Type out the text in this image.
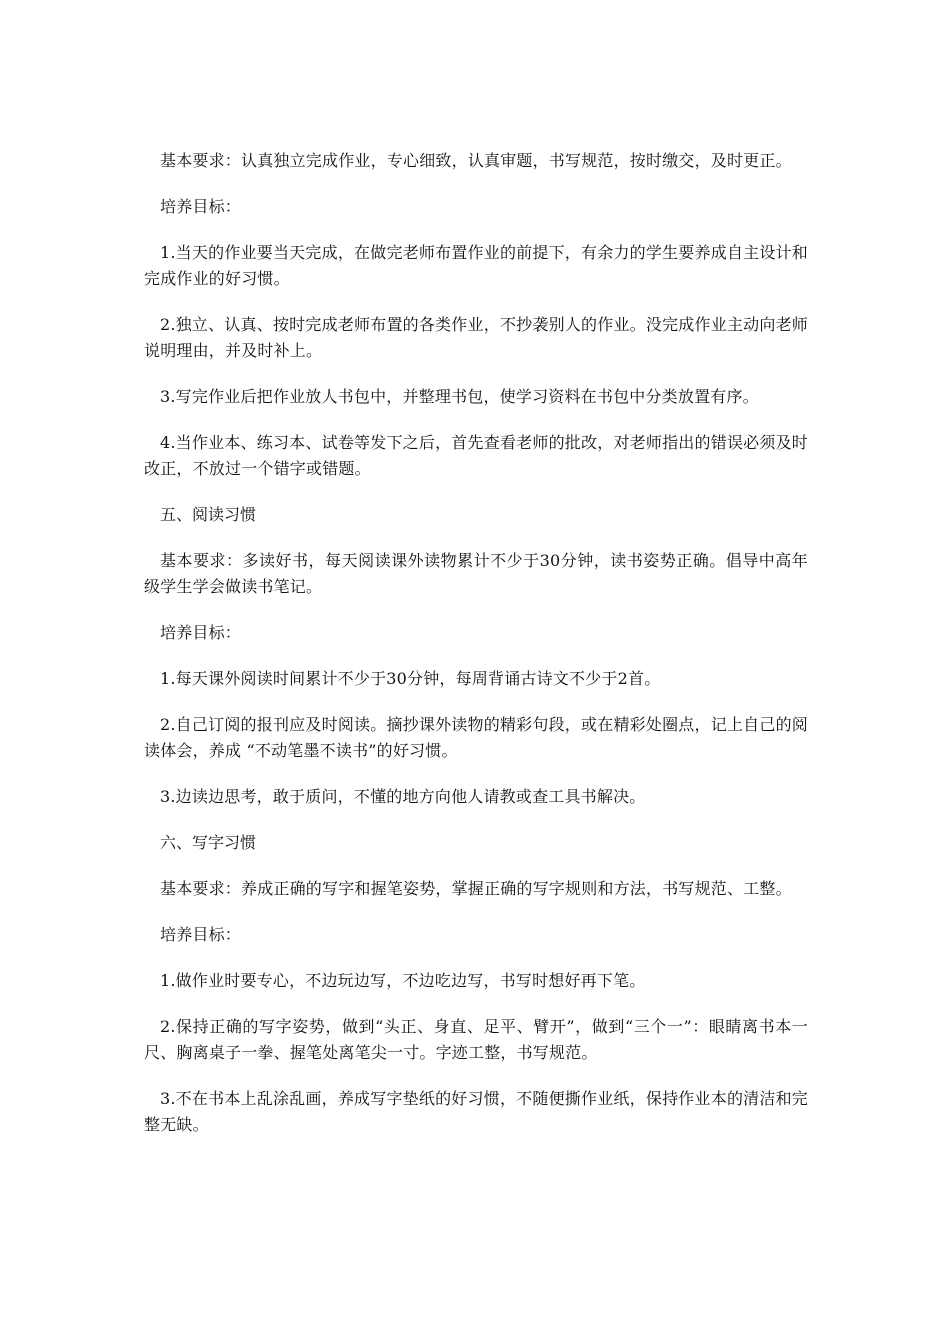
基本要求：认真独立完成作业，专心细致，认真审题，书写规范，按时缴交，及时更正。

培养目标：

1.当天的作业要当天完成，在做完老师布置作业的前提下，有余力的学生要养成自主设计和完成作业的好习惯。

2.独立、认真、按时完成老师布置的各类作业，不抄袭别人的作业。没完成作业主动向老师说明理由，并及时补上。

3.写完作业后把作业放人书包中，并整理书包，使学习资料在书包中分类放置有序。

4.当作业本、练习本、试卷等发下之后，首先查看老师的批改，对老师指出的错误必须及时改正，不放过一个错字或错题。

五、阅读习惯

基本要求：多读好书，每天阅读课外读物累计不少于30分钟，读书姿势正确。倡导中高年级学生学会做读书笔记。

培养目标：

1.每天课外阅读时间累计不少于30分钟，每周背诵古诗文不少于2首。

2.自己订阅的报刊应及时阅读。摘抄课外读物的精彩句段，或在精彩处圈点，记上自己的阅读体会，养成 “不动笔墨不读书”的好习惯。

3.边读边思考，敢于质问，不懂的地方向他人请教或查工具书解决。

六、写字习惯

基本要求：养成正确的写字和握笔姿势，掌握正确的写字规则和方法，书写规范、工整。

培养目标：

1.做作业时要专心，不边玩边写，不边吃边写，书写时想好再下笔。

2.保持正确的写字姿势，做到“头正、身直、足平、臂开”，做到“三个一”：眼睛离书本一尺、胸离桌子一拳、握笔处离笔尖一寸。字迹工整，书写规范。

3.不在书本上乱涂乱画，养成写字垫纸的好习惯，不随便撕作业纸，保持作业本的清洁和完整无缺。
